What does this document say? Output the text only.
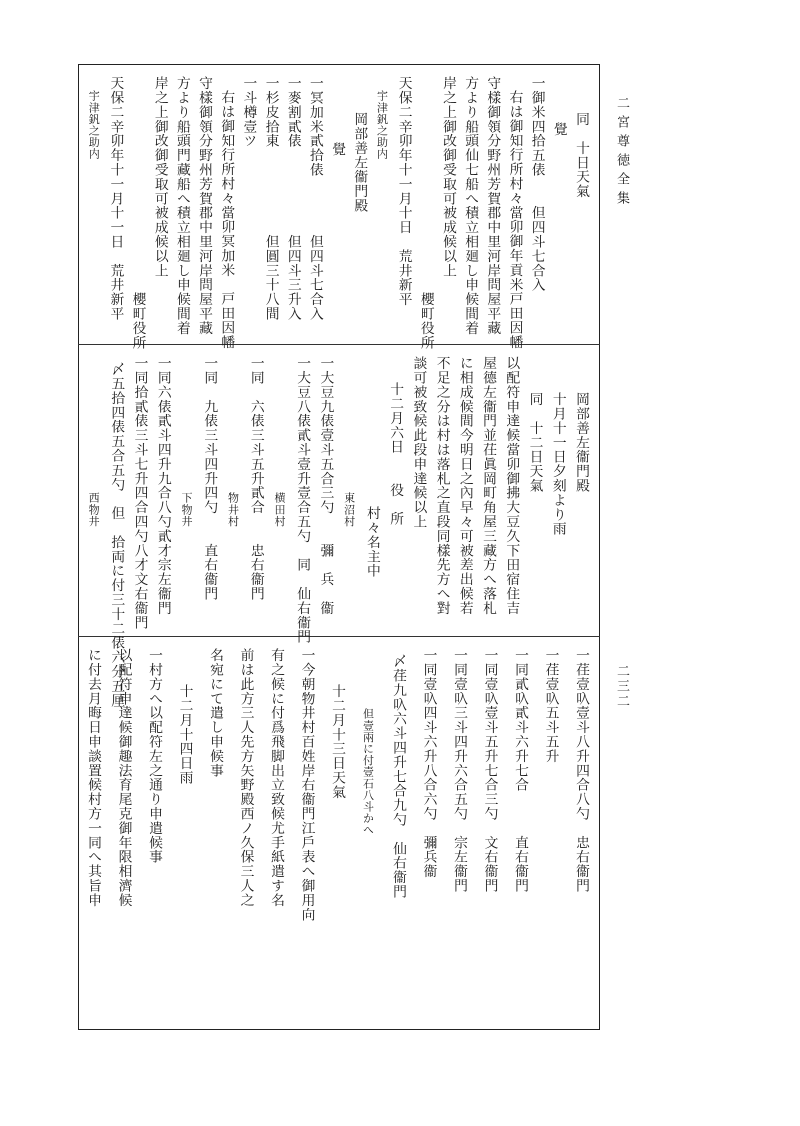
二宮尊徳全集
二三二
同　十日天氣
覺
一御米四拾五俵　　但四斗七合入
右は御知行所村々當卯御年貢米戸田因幡
守樣御領分野州芳賀郡中里河岸問屋平藏
方より船頭仙七船へ積立相廻し申候間着
岸之上御改御受取可被成候以上
櫻町役所
天保二辛卯年十一月十日　荒井新平
宇津釩之助内
岡部善左衞門殿
覺
一冥加米貳拾俵　　　　但四斗七合入
一麥割貳俵　　　　　　但四斗三升入
一杉皮拾東　　　　　　但圓三十八間
一斗樽壹ツ
右は御知行所村々當卯冥加米　戸田因幡
守樣御領分野州芳賀郡中里河岸問屋平藏
方より船頭門藏船へ積立相廻し申候間着
岸之上御改御受取可被成候以上
櫻町役所
天保二辛卯年十一月十一日　荒井新平
宇津釩之助内
岡部善左衞門殿
十月十一日夕刻より雨
同　十二日天氣
以配符申達候當卯御拂大豆久下田宿住吉
屋德左衞門並茌眞岡町角屋三藏方へ落札
に相成候間今明日之內早々可被差出候若
不足之分は村は落札之直段同樣先方へ對
談可被致候此段申達候以上
十二月六日　　役　所
村々名主中
東沼村
一大豆九俵壹斗五合三勺　　彌　兵　衞
一大豆八俵貳斗壹升壹合五勺　同　仙右衞門
横田村
一同　六俵三斗五升貳合　　忠右衞門
物井村
一同　九俵三斗四升四勺　　直右衞門
下物井
一同六俵貳斗四升九合八勺貳才宗左衞門
一同拾貳俵三斗七升四合四勺八才文右衞門
〆五拾四俵五合五勺　但　拾両に付三十二俵六分五厘
西物井
一荏壹叺壹斗八升四合八勺　忠右衞門
一荏壹叺五斗五升
一同貳叺貳斗六升七合　　　直右衞門
一同壹叺壹斗五升七合三勺　文右衞門
一同壹叺三斗四升六合五勺　宗左衞門
一同壹叺四斗六升八合六勺　彌兵衞
〆荏九叺六斗四升七合九勺　仙右衞門
但壹兩に付壹石八斗かへ
十二月十三日天氣
一今朝物井村百姓岸右衞門江戶表へ御用向
有之候に付爲飛脚出立致候尤手紙遣す名
前は此方三人先方矢野殿西ノ久保三人之
名宛にて遣し申候事
十二月十四日雨
一村方へ以配符左之通り申遣候事
以配符申達候御趣法育尾克御年限相濟候
に付去月晦日申談置候村方一同へ其旨申
